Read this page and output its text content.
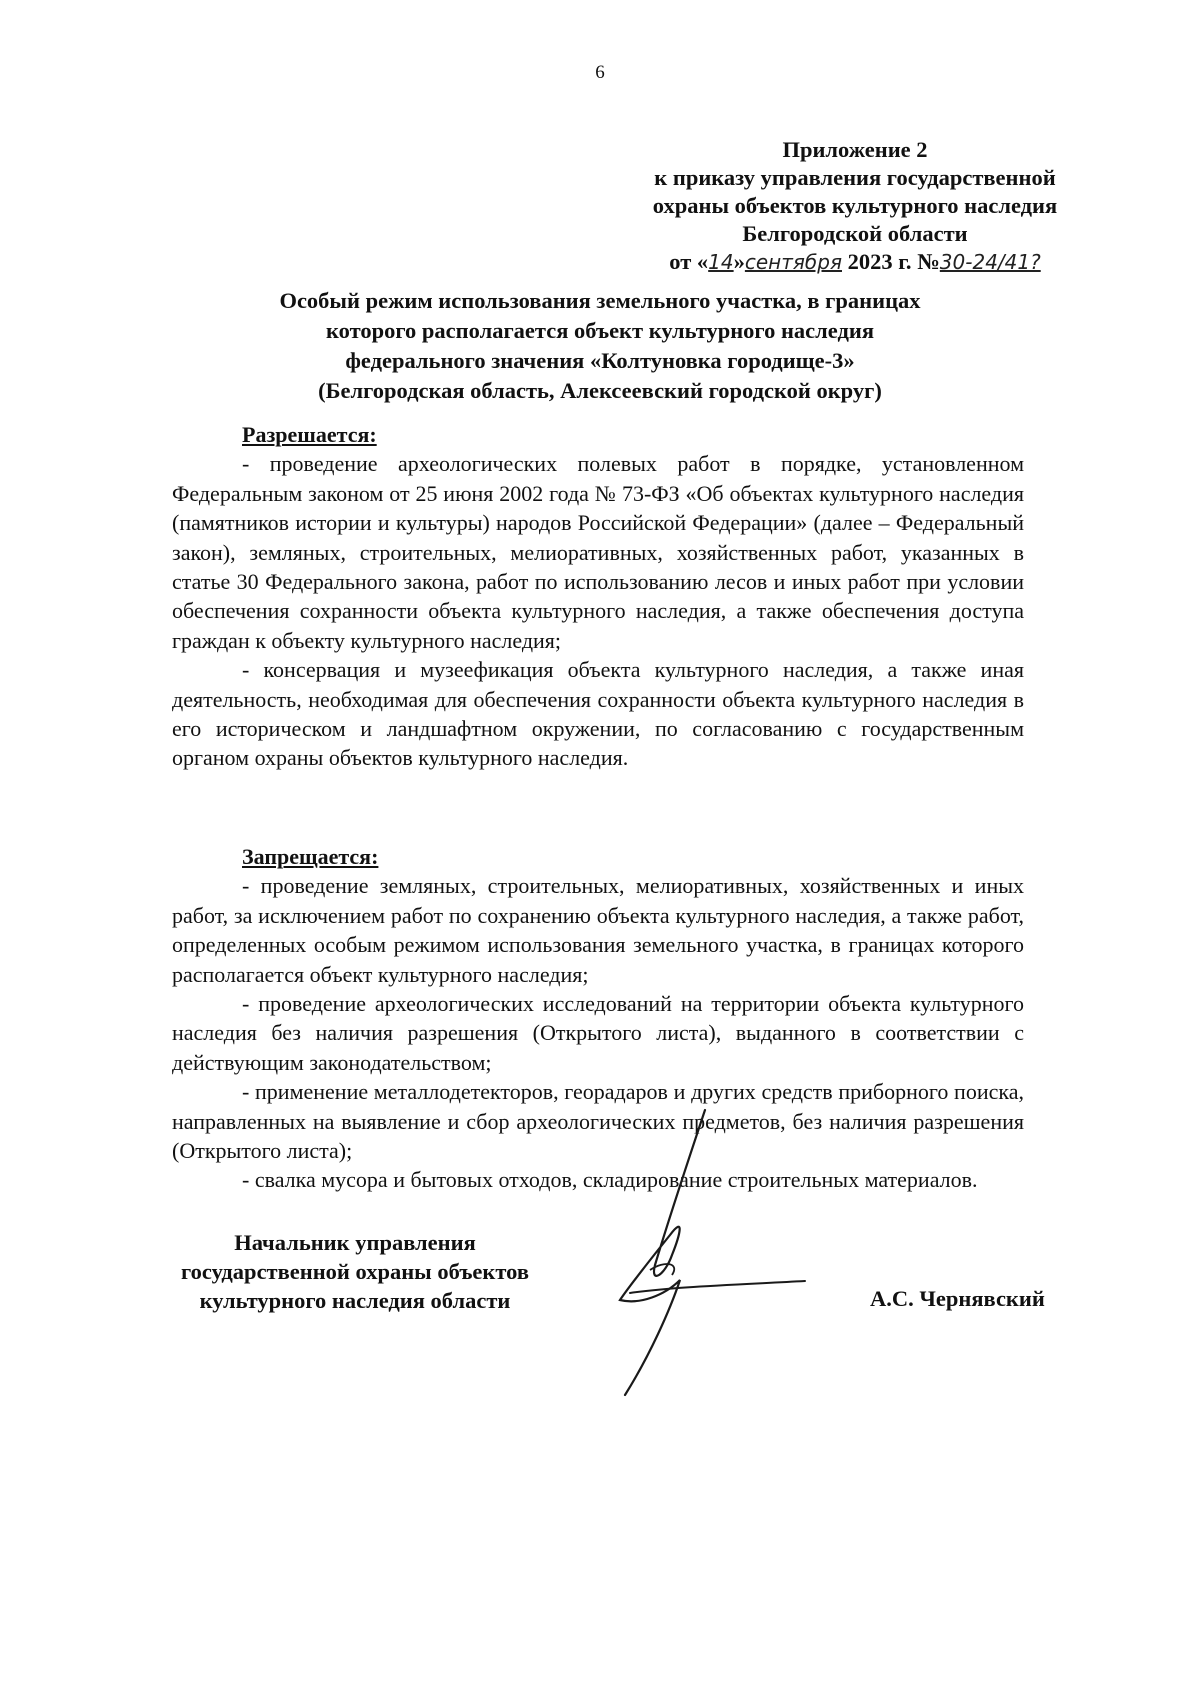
6
Приложение 2
к приказу управления государственной
охраны объектов культурного наследия
Белгородской области
от «14»сентября 2023 г. №30-24/41?
Особый режим использования земельного участка, в границах
которого располагается объект культурного наследия
федерального значения «Колтуновка городище-3»
(Белгородская область, Алексеевский городской округ)

Разрешается:

- проведение археологических полевых работ в порядке, установленном Федеральным законом от 25 июня 2002 года № 73-ФЗ «Об объектах культурного наследия (памятников истории и культуры) народов Российской Федерации» (далее – Федеральный закон), земляных, строительных, мелиоративных, хозяйственных работ, указанных в статье 30 Федерального закона, работ по использованию лесов и иных работ при условии обеспечения сохранности объекта культурного наследия, а также обеспечения доступа граждан к объекту культурного наследия;

- консервация и музеефикация объекта культурного наследия, а также иная деятельность, необходимая для обеспечения сохранности объекта культурного наследия в его историческом и ландшафтном окружении, по согласованию с государственным органом охраны объектов культурного наследия.

Запрещается:

- проведение земляных, строительных, мелиоративных, хозяйственных и иных работ, за исключением работ по сохранению объекта культурного наследия, а также работ, определенных особым режимом использования земельного участка, в границах которого располагается объект культурного наследия;

- проведение археологических исследований на территории объекта культурного наследия без наличия разрешения (Открытого листа), выданного в соответствии с действующим законодательством;

- применение металлодетекторов, георадаров и других средств приборного поиска, направленных на выявление и сбор археологических предметов, без наличия разрешения (Открытого листа);

- свалка мусора и бытовых отходов, складирование строительных материалов.

Начальник управления
государственной охраны объектов
культурного наследия области	А.С. Чернявский
